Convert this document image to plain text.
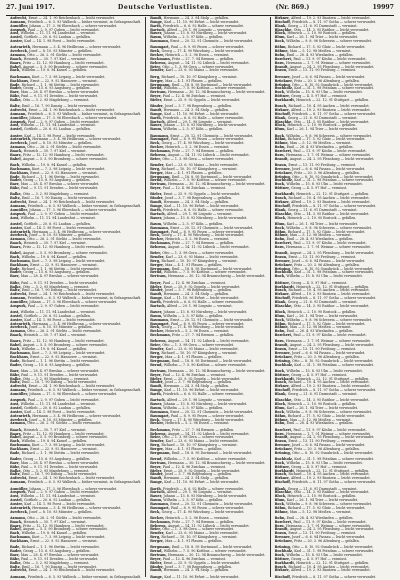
27. Juni 1917.	Deutsche Verlustlisten.	(Nr. 869.)	19997

Aufrecht, Ernst — 24. 1. 90 Reichenbach — leicht verwundet.

Aumann, Friedrich — 6. 5. 93 Walbeck — bisher vermisst, in Gefangenschaft.

Aumüller, Johann — 17. 3. 96 Ebersbach — schwer verwundet.

Auspurk, Paul — 2. 9. 97 Guben — leicht verwundet.

Aust, Wilhelm — 11. 11. 94 Landeshut — vermisst.

Austel, Gottlieb — 20. 6. 92 Lauban — gefallen.

Auster, Karl — 14. 1. 98 Forst — leicht verwundet.

Autenrieth, Hermann — 3. 4. 96 Heilbronn — schwer verwundet.

Averbeck, Josef — 8. 10. 93 Münster — gefallen.

Axmann, Otto — 26. 2. 91 Görlitz — leicht verwundet.

Baack, Heinrich — 30. 7. 97 Kiel — vermisst.

Baars, Fritz — 12. 12. 95 Hamburg — leicht verwundet.

Babel, August — 5. 5. 90 Bromberg — schwer verwundet.

Bach, Wilhelm — 19. 8. 94 Kassel — gefallen.

Bachmann, Kurt — 7. 3. 98 Leipzig — leicht verwundet.

Backhaus, Ernst — 22. 9. 92 Hannover — vermisst.

Bade, Richard — 1. 1. 96 Stettin — leicht verwundet.

Bader, Georg — 15. 6. 93 Augsburg — gefallen.

Baer, Max — 28. 4. 97 Breslau — schwer verwundet.

Bähr, Paul — 9. 11. 91 Dresden — leicht verwundet.

Balke, Otto — 3. 2. 95 Magdeburg — vermisst.

Baltz, Emil — 16. 7. 90 Danzig — leicht verwundet.

Aufrecht, Ernst — 24. 1. 90 Reichenbach — leicht verwundet.

Aumann, Friedrich — 6. 5. 93 Walbeck — bisher vermisst, in Gefangenschaft.

Aumüller, Johann — 17. 3. 96 Ebersbach — schwer verwundet.

Auspurk, Paul — 2. 9. 97 Guben — leicht verwundet.

Aust, Wilhelm — 11. 11. 94 Landeshut — vermisst.

Austel, Gottlieb — 20. 6. 92 Lauban — gefallen.

Auster, Karl — 14. 1. 98 Forst — leicht verwundet.

Autenrieth, Hermann — 3. 4. 96 Heilbronn — schwer verwundet.

Averbeck, Josef — 8. 10. 93 Münster — gefallen.

Axmann, Otto — 26. 2. 91 Görlitz — leicht verwundet.

Baack, Heinrich — 30. 7. 97 Kiel — vermisst.

Baars, Fritz — 12. 12. 95 Hamburg — leicht verwundet.

Babel, August — 5. 5. 90 Bromberg — schwer verwundet.

Bach, Wilhelm — 19. 8. 94 Kassel — gefallen.

Bachmann, Kurt — 7. 3. 98 Leipzig — leicht verwundet.

Backhaus, Ernst — 22. 9. 92 Hannover — vermisst.

Bade, Richard — 1. 1. 96 Stettin — leicht verwundet.

Bader, Georg — 15. 6. 93 Augsburg — gefallen.

Baer, Max — 28. 4. 97 Breslau — schwer verwundet.

Bähr, Paul — 9. 11. 91 Dresden — leicht verwundet.

Balke, Otto — 3. 2. 95 Magdeburg — vermisst.

Baltz, Emil — 16. 7. 90 Danzig — leicht verwundet.

Aufrecht, Ernst — 24. 1. 90 Reichenbach — leicht verwundet.

Aumann, Friedrich — 6. 5. 93 Walbeck — bisher vermisst, in Gefangenschaft.

Aumüller, Johann — 17. 3. 96 Ebersbach — schwer verwundet.

Auspurk, Paul — 2. 9. 97 Guben — leicht verwundet.

Aust, Wilhelm — 11. 11. 94 Landeshut — vermisst.

Austel, Gottlieb — 20. 6. 92 Lauban — gefallen.

Auster, Karl — 14. 1. 98 Forst — leicht verwundet.

Autenrieth, Hermann — 3. 4. 96 Heilbronn — schwer verwundet.

Averbeck, Josef — 8. 10. 93 Münster — gefallen.

Axmann, Otto — 26. 2. 91 Görlitz — leicht verwundet.

Baack, Heinrich — 30. 7. 97 Kiel — vermisst.

Baars, Fritz — 12. 12. 95 Hamburg — leicht verwundet.

Babel, August — 5. 5. 90 Bromberg — schwer verwundet.

Bach, Wilhelm — 19. 8. 94 Kassel — gefallen.

Bachmann, Kurt — 7. 3. 98 Leipzig — leicht verwundet.

Backhaus, Ernst — 22. 9. 92 Hannover — vermisst.

Bade, Richard — 1. 1. 96 Stettin — leicht verwundet.

Bader, Georg — 15. 6. 93 Augsburg — gefallen.

Baer, Max — 28. 4. 97 Breslau — schwer verwundet.

Bähr, Paul — 9. 11. 91 Dresden — leicht verwundet.

Balke, Otto — 3. 2. 95 Magdeburg — vermisst.

Baltz, Emil — 16. 7. 90 Danzig — leicht verwundet.

Aufrecht, Ernst — 24. 1. 90 Reichenbach — leicht verwundet.

Aumann, Friedrich — 6. 5. 93 Walbeck — bisher vermisst, in Gefangenschaft.

Aumüller, Johann — 17. 3. 96 Ebersbach — schwer verwundet.

Auspurk, Paul — 2. 9. 97 Guben — leicht verwundet.

Aust, Wilhelm — 11. 11. 94 Landeshut — vermisst.

Austel, Gottlieb — 20. 6. 92 Lauban — gefallen.

Auster, Karl — 14. 1. 98 Forst — leicht verwundet.

Autenrieth, Hermann — 3. 4. 96 Heilbronn — schwer verwundet.

Averbeck, Josef — 8. 10. 93 Münster — gefallen.

Axmann, Otto — 26. 2. 91 Görlitz — leicht verwundet.

Baack, Heinrich — 30. 7. 97 Kiel — vermisst.

Baars, Fritz — 12. 12. 95 Hamburg — leicht verwundet.

Babel, August — 5. 5. 90 Bromberg — schwer verwundet.

Bach, Wilhelm — 19. 8. 94 Kassel — gefallen.

Bachmann, Kurt — 7. 3. 98 Leipzig — leicht verwundet.

Backhaus, Ernst — 22. 9. 92 Hannover — vermisst.

Bade, Richard — 1. 1. 96 Stettin — leicht verwundet.

Bader, Georg — 15. 6. 93 Augsburg — gefallen.

Baer, Max — 28. 4. 97 Breslau — schwer verwundet.

Bähr, Paul — 9. 11. 91 Dresden — leicht verwundet.

Balke, Otto — 3. 2. 95 Magdeburg — vermisst.

Baltz, Emil — 16. 7. 90 Danzig — leicht verwundet.

Aufrecht, Ernst — 24. 1. 90 Reichenbach — leicht verwundet.

Aumann, Friedrich — 6. 5. 93 Walbeck — bisher vermisst, in Gefangenschaft.

Aumüller, Johann — 17. 3. 96 Ebersbach — schwer verwundet.

Auspurk, Paul — 2. 9. 97 Guben — leicht verwundet.

Aust, Wilhelm — 11. 11. 94 Landeshut — vermisst.

Austel, Gottlieb — 20. 6. 92 Lauban — gefallen.

Auster, Karl — 14. 1. 98 Forst — leicht verwundet.

Autenrieth, Hermann — 3. 4. 96 Heilbronn — schwer verwundet.

Averbeck, Josef — 8. 10. 93 Münster — gefallen.

Axmann, Otto — 26. 2. 91 Görlitz — leicht verwundet.

Baack, Heinrich — 30. 7. 97 Kiel — vermisst.

Baars, Fritz — 12. 12. 95 Hamburg — leicht verwundet.

Babel, August — 5. 5. 90 Bromberg — schwer verwundet.

Bach, Wilhelm — 19. 8. 94 Kassel — gefallen.

Bachmann, Kurt — 7. 3. 98 Leipzig — leicht verwundet.

Backhaus, Ernst — 22. 9. 92 Hannover — vermisst.

Bade, Richard — 1. 1. 96 Stettin — leicht verwundet.

Bader, Georg — 15. 6. 93 Augsburg — gefallen.

Baer, Max — 28. 4. 97 Breslau — schwer verwundet.

Bähr, Paul — 9. 11. 91 Dresden — leicht verwundet.

Balke, Otto — 3. 2. 95 Magdeburg — vermisst.

Baltz, Emil — 16. 7. 90 Danzig — leicht verwundet.

Aufrecht, Ernst — 24. 1. 90 Reichenbach — leicht verwundet.

Aumann, Friedrich — 6. 5. 93 Walbeck — bisher vermisst, in Gefangenschaft.

Aumüller, Johann — 17. 3. 96 Ebersbach — schwer verwundet.

Auspurk, Paul — 2. 9. 97 Guben — leicht verwundet.

Aust, Wilhelm — 11. 11. 94 Landeshut — vermisst.

Austel, Gottlieb — 20. 6. 92 Lauban — gefallen.

Auster, Karl — 14. 1. 98 Forst — leicht verwundet.

Autenrieth, Hermann — 3. 4. 96 Heilbronn — schwer verwundet.

Averbeck, Josef — 8. 10. 93 Münster — gefallen.

Axmann, Otto — 26. 2. 91 Görlitz — leicht verwundet.

Baack, Heinrich — 30. 7. 97 Kiel — vermisst.

Baars, Fritz — 12. 12. 95 Hamburg — leicht verwundet.

Babel, August — 5. 5. 90 Bromberg — schwer verwundet.

Bach, Wilhelm — 19. 8. 94 Kassel — gefallen.

Bachmann, Kurt — 7. 3. 98 Leipzig — leicht verwundet.

Backhaus, Ernst — 22. 9. 92 Hannover — vermisst.

Bade, Richard — 1. 1. 96 Stettin — leicht verwundet.

Bader, Georg — 15. 6. 93 Augsburg — gefallen.

Baer, Max — 28. 4. 97 Breslau — schwer verwundet.

Bähr, Paul — 9. 11. 91 Dresden — leicht verwundet.

Balke, Otto — 3. 2. 95 Magdeburg — vermisst.

Baltz, Emil — 16. 7. 90 Danzig — leicht verwundet.

Aufrecht, Ernst — 24. 1. 90 Reichenbach — leicht verwundet.

Aumann, Friedrich — 6. 5. 93 Walbeck — bisher vermisst, in Gefangenschaft.

Bandt, Hermann — 24. 3. 94 Stolp — gefallen.

Bange, Karl — 11. 10. 96 Erfurt — leicht verwundet.

Barth, Friedrich — 6. 6. 92 Halle — schwer verwundet.

Bartsch, Alfred — 29. 1. 98 Liegnitz — vermisst.

Bauer, Johann — 13. 8. 93 Nürnberg — leicht verwundet.

Baum, Wilhelm — 2. 5. 97 Köln — gefallen.

Baumann, Ernst — 20. 12. 91 Chemnitz — leicht verwundet.

Baumgart, Paul — 8. 9. 95 Posen — schwer verwundet.

Beck, Georg — 17. 4. 90 Würzburg — leicht verwundet.

Becker, Heinrich — 5. 2. 96 Essen — vermisst.

Beckmann, Fritz — 27. 7. 94 Bremen — gefallen.

Behrens, August — 14. 11. 92 Lübeck — leicht verwundet.

Beier, Otto — 1. 3. 98 Gera — schwer verwundet.

Bender, Karl — 23. 6. 93 Mainz — leicht verwundet.

Berg, Richard — 10. 10. 97 Königsberg — vermisst.

Berger, Max — 4. 1. 91 Plauen — gefallen.

Bergmann, Emil — 18. 8. 95 Dortmund — leicht verwundet.

Bernd, Wilhelm — 7. 5. 90 Kottbus — schwer verwundet.

Bertram, Hermann — 30. 12. 94 Braunschweig — leicht verwundet.

Beyer, Paul — 12. 4. 96 Zwickau — vermisst.

Bieler, Ernst — 25. 9. 92 Oppeln — leicht verwundet.

Binder, Josef — 3. 7. 98 Regensburg — gefallen.

Bandt, Hermann — 24. 3. 94 Stolp — gefallen.

Bange, Karl — 11. 10. 96 Erfurt — leicht verwundet.

Barth, Friedrich — 6. 6. 92 Halle — schwer verwundet.

Bartsch, Alfred — 29. 1. 98 Liegnitz — vermisst.

Bauer, Johann — 13. 8. 93 Nürnberg — leicht verwundet.

Baum, Wilhelm — 2. 5. 97 Köln — gefallen.

Baumann, Ernst — 20. 12. 91 Chemnitz — leicht verwundet.

Baumgart, Paul — 8. 9. 95 Posen — schwer verwundet.

Beck, Georg — 17. 4. 90 Würzburg — leicht verwundet.

Becker, Heinrich — 5. 2. 96 Essen — vermisst.

Beckmann, Fritz — 27. 7. 94 Bremen — gefallen.

Behrens, August — 14. 11. 92 Lübeck — leicht verwundet.

Beier, Otto — 1. 3. 98 Gera — schwer verwundet.

Bender, Karl — 23. 6. 93 Mainz — leicht verwundet.

Berg, Richard — 10. 10. 97 Königsberg — vermisst.

Berger, Max — 4. 1. 91 Plauen — gefallen.

Bergmann, Emil — 18. 8. 95 Dortmund — leicht verwundet.

Bernd, Wilhelm — 7. 5. 90 Kottbus — schwer verwundet.

Bertram, Hermann — 30. 12. 94 Braunschweig — leicht verwundet.

Beyer, Paul — 12. 4. 96 Zwickau — vermisst.

Bieler, Ernst — 25. 9. 92 Oppeln — leicht verwundet.

Binder, Josef — 3. 7. 98 Regensburg — gefallen.

Bandt, Hermann — 24. 3. 94 Stolp — gefallen.

Bange, Karl — 11. 10. 96 Erfurt — leicht verwundet.

Barth, Friedrich — 6. 6. 92 Halle — schwer verwundet.

Bartsch, Alfred — 29. 1. 98 Liegnitz — vermisst.

Bauer, Johann — 13. 8. 93 Nürnberg — leicht verwundet.

Baum, Wilhelm — 2. 5. 97 Köln — gefallen.

Baumann, Ernst — 20. 12. 91 Chemnitz — leicht verwundet.

Baumgart, Paul — 8. 9. 95 Posen — schwer verwundet.

Beck, Georg — 17. 4. 90 Würzburg — leicht verwundet.

Becker, Heinrich — 5. 2. 96 Essen — vermisst.

Beckmann, Fritz — 27. 7. 94 Bremen — gefallen.

Behrens, August — 14. 11. 92 Lübeck — leicht verwundet.

Beier, Otto — 1. 3. 98 Gera — schwer verwundet.

Bender, Karl — 23. 6. 93 Mainz — leicht verwundet.

Berg, Richard — 10. 10. 97 Königsberg — vermisst.

Berger, Max — 4. 1. 91 Plauen — gefallen.

Bergmann, Emil — 18. 8. 95 Dortmund — leicht verwundet.

Bernd, Wilhelm — 7. 5. 90 Kottbus — schwer verwundet.

Bertram, Hermann — 30. 12. 94 Braunschweig — leicht verwundet.

Beyer, Paul — 12. 4. 96 Zwickau — vermisst.

Bieler, Ernst — 25. 9. 92 Oppeln — leicht verwundet.

Binder, Josef — 3. 7. 98 Regensburg — gefallen.

Bandt, Hermann — 24. 3. 94 Stolp — gefallen.

Bange, Karl — 11. 10. 96 Erfurt — leicht verwundet.

Barth, Friedrich — 6. 6. 92 Halle — schwer verwundet.

Bartsch, Alfred — 29. 1. 98 Liegnitz — vermisst.

Bauer, Johann — 13. 8. 93 Nürnberg — leicht verwundet.

Baum, Wilhelm — 2. 5. 97 Köln — gefallen.

Baumann, Ernst — 20. 12. 91 Chemnitz — leicht verwundet.

Baumgart, Paul — 8. 9. 95 Posen — schwer verwundet.

Beck, Georg — 17. 4. 90 Würzburg — leicht verwundet.

Becker, Heinrich — 5. 2. 96 Essen — vermisst.

Beckmann, Fritz — 27. 7. 94 Bremen — gefallen.

Behrens, August — 14. 11. 92 Lübeck — leicht verwundet.

Beier, Otto — 1. 3. 98 Gera — schwer verwundet.

Bender, Karl — 23. 6. 93 Mainz — leicht verwundet.

Berg, Richard — 10. 10. 97 Königsberg — vermisst.

Berger, Max — 4. 1. 91 Plauen — gefallen.

Bergmann, Emil — 18. 8. 95 Dortmund — leicht verwundet.

Bernd, Wilhelm — 7. 5. 90 Kottbus — schwer verwundet.

Bertram, Hermann — 30. 12. 94 Braunschweig — leicht verwundet.

Beyer, Paul — 12. 4. 96 Zwickau — vermisst.

Bieler, Ernst — 25. 9. 92 Oppeln — leicht verwundet.

Binder, Josef — 3. 7. 98 Regensburg — gefallen.

Bandt, Hermann — 24. 3. 94 Stolp — gefallen.

Bange, Karl — 11. 10. 96 Erfurt — leicht verwundet.

Barth, Friedrich — 6. 6. 92 Halle — schwer verwundet.

Bartsch, Alfred — 29. 1. 98 Liegnitz — vermisst.

Bauer, Johann — 13. 8. 93 Nürnberg — leicht verwundet.

Baum, Wilhelm — 2. 5. 97 Köln — gefallen.

Baumann, Ernst — 20. 12. 91 Chemnitz — leicht verwundet.

Baumgart, Paul — 8. 9. 95 Posen — schwer verwundet.

Beck, Georg — 17. 4. 90 Würzburg — leicht verwundet.

Becker, Heinrich — 5. 2. 96 Essen — vermisst.

Beckmann, Fritz — 27. 7. 94 Bremen — gefallen.

Behrens, August — 14. 11. 92 Lübeck — leicht verwundet.

Beier, Otto — 1. 3. 98 Gera — schwer verwundet.

Bender, Karl — 23. 6. 93 Mainz — leicht verwundet.

Berg, Richard — 10. 10. 97 Königsberg — vermisst.

Berger, Max — 4. 1. 91 Plauen — gefallen.

Bergmann, Emil — 18. 8. 95 Dortmund — leicht verwundet.

Bernd, Wilhelm — 7. 5. 90 Kottbus — schwer verwundet.

Bertram, Hermann — 30. 12. 94 Braunschweig — leicht verwundet.

Beyer, Paul — 12. 4. 96 Zwickau — vermisst.

Bieler, Ernst — 25. 9. 92 Oppeln — leicht verwundet.

Binder, Josef — 3. 7. 98 Regensburg — gefallen.

Bandt, Hermann — 24. 3. 94 Stolp — gefallen.

Bange, Karl — 11. 10. 96 Erfurt — leicht verwundet.

Barth, Friedrich — 6. 6. 92 Halle — schwer verwundet.

Bartsch, Alfred — 29. 1. 98 Liegnitz — vermisst.

Bauer, Johann — 13. 8. 93 Nürnberg — leicht verwundet.

Baum, Wilhelm — 2. 5. 97 Köln — gefallen.

Baumann, Ernst — 20. 12. 91 Chemnitz — leicht verwundet.

Baumgart, Paul — 8. 9. 95 Posen — schwer verwundet.

Beck, Georg — 17. 4. 90 Würzburg — leicht verwundet.

Becker, Heinrich — 5. 2. 96 Essen — vermisst.

Beckmann, Fritz — 27. 7. 94 Bremen — gefallen.

Behrens, August — 14. 11. 92 Lübeck — leicht verwundet.

Beier, Otto — 1. 3. 98 Gera — schwer verwundet.

Bender, Karl — 23. 6. 93 Mainz — leicht verwundet.

Berg, Richard — 10. 10. 97 Königsberg — vermisst.

Berger, Max — 4. 1. 91 Plauen — gefallen.

Bergmann, Emil — 18. 8. 95 Dortmund — leicht verwundet.

Bernd, Wilhelm — 7. 5. 90 Kottbus — schwer verwundet.

Bertram, Hermann — 30. 12. 94 Braunschweig — leicht verwundet.

Beyer, Paul — 12. 4. 96 Zwickau — vermisst.

Bieler, Ernst — 25. 9. 92 Oppeln — leicht verwundet.

Binder, Josef — 3. 7. 98 Regensburg — gefallen.

Bandt, Hermann — 24. 3. 94 Stolp — gefallen.

Bange, Karl — 11. 10. 96 Erfurt — leicht verwundet.

Birkner, Alfred — 19. 2. 93 Bautzen — leicht verwundet.

Bischoff, Friedrich — 8. 11. 97 Gotha — schwer verwundet.

Blank, Georg — 21. 6. 91 Darmstadt — vermisst.

Blaschke, Otto — 14. 3. 95 Ratibor — leicht verwundet.

Block, Heinrich — 2. 10. 90 Rostock — gefallen.

Blum, Karl — 26. 1. 94 Trier — leicht verwundet.

Bock, Wilhelm — 9. 8. 96 Schwerin — schwer verwundet.

Böhm, Richard — 17. 5. 92 Glatz — leicht verwundet.

Böhme, Max — 5. 12. 98 Meißen — vermisst.

Bohn, Emil — 28. 4. 93 Wiesbaden — gefallen.

Borchert, Paul — 11. 9. 97 Köslin — leicht verwundet.

Born, Hermann — 1. 7. 91 Weimar — schwer verwundet.

Brandt, August — 24. 2. 95 Flensburg — leicht verwundet.

Braun, Ernst — 13. 11. 90 Freiburg — vermisst.

Brenner, Josef — 6. 6. 94 Passau — leicht verwundet.

Brückner, Fritz — 20. 3. 96 Altenburg — gefallen.

Brüning, Otto — 8. 10. 92 Osnabrück — leicht verwundet.

Buchholz, Karl — 31. 1. 98 Potsdam — schwer verwundet.

Buck, Wilhelm — 15. 8. 93 Ulm — leicht verwundet.

Büttner, Georg — 4. 5. 97 Hof — vermisst.

Burkhardt, Heinrich — 22. 12. 91 Stuttgart — gefallen.

Busch, Richard — 10. 4. 95 Aachen — leicht verwundet.

Birkner, Alfred — 19. 2. 93 Bautzen — leicht verwundet.

Bischoff, Friedrich — 8. 11. 97 Gotha — schwer verwundet.

Blank, Georg — 21. 6. 91 Darmstadt — vermisst.

Blaschke, Otto — 14. 3. 95 Ratibor — leicht verwundet.

Block, Heinrich — 2. 10. 90 Rostock — gefallen.

Blum, Karl — 26. 1. 94 Trier — leicht verwundet.

Bock, Wilhelm — 9. 8. 96 Schwerin — schwer verwundet.

Böhm, Richard — 17. 5. 92 Glatz — leicht verwundet.

Böhme, Max — 5. 12. 98 Meißen — vermisst.

Bohn, Emil — 28. 4. 93 Wiesbaden — gefallen.

Borchert, Paul — 11. 9. 97 Köslin — leicht verwundet.

Born, Hermann — 1. 7. 91 Weimar — schwer verwundet.

Brandt, August — 24. 2. 95 Flensburg — leicht verwundet.

Braun, Ernst — 13. 11. 90 Freiburg — vermisst.

Brenner, Josef — 6. 6. 94 Passau — leicht verwundet.

Brückner, Fritz — 20. 3. 96 Altenburg — gefallen.

Brüning, Otto — 8. 10. 92 Osnabrück — leicht verwundet.

Buchholz, Karl — 31. 1. 98 Potsdam — schwer verwundet.

Buck, Wilhelm — 15. 8. 93 Ulm — leicht verwundet.

Büttner, Georg — 4. 5. 97 Hof — vermisst.

Burkhardt, Heinrich — 22. 12. 91 Stuttgart — gefallen.

Busch, Richard — 10. 4. 95 Aachen — leicht verwundet.

Birkner, Alfred — 19. 2. 93 Bautzen — leicht verwundet.

Bischoff, Friedrich — 8. 11. 97 Gotha — schwer verwundet.

Blank, Georg — 21. 6. 91 Darmstadt — vermisst.

Blaschke, Otto — 14. 3. 95 Ratibor — leicht verwundet.

Block, Heinrich — 2. 10. 90 Rostock — gefallen.

Blum, Karl — 26. 1. 94 Trier — leicht verwundet.

Bock, Wilhelm — 9. 8. 96 Schwerin — schwer verwundet.

Böhm, Richard — 17. 5. 92 Glatz — leicht verwundet.

Böhme, Max — 5. 12. 98 Meißen — vermisst.

Bohn, Emil — 28. 4. 93 Wiesbaden — gefallen.

Borchert, Paul — 11. 9. 97 Köslin — leicht verwundet.

Born, Hermann — 1. 7. 91 Weimar — schwer verwundet.

Brandt, August — 24. 2. 95 Flensburg — leicht verwundet.

Braun, Ernst — 13. 11. 90 Freiburg — vermisst.

Brenner, Josef — 6. 6. 94 Passau — leicht verwundet.

Brückner, Fritz — 20. 3. 96 Altenburg — gefallen.

Brüning, Otto — 8. 10. 92 Osnabrück — leicht verwundet.

Buchholz, Karl — 31. 1. 98 Potsdam — schwer verwundet.

Buck, Wilhelm — 15. 8. 93 Ulm — leicht verwundet.

Büttner, Georg — 4. 5. 97 Hof — vermisst.

Burkhardt, Heinrich — 22. 12. 91 Stuttgart — gefallen.

Busch, Richard — 10. 4. 95 Aachen — leicht verwundet.

Birkner, Alfred — 19. 2. 93 Bautzen — leicht verwundet.

Bischoff, Friedrich — 8. 11. 97 Gotha — schwer verwundet.

Blank, Georg — 21. 6. 91 Darmstadt — vermisst.

Blaschke, Otto — 14. 3. 95 Ratibor — leicht verwundet.

Block, Heinrich — 2. 10. 90 Rostock — gefallen.

Blum, Karl — 26. 1. 94 Trier — leicht verwundet.

Bock, Wilhelm — 9. 8. 96 Schwerin — schwer verwundet.

Böhm, Richard — 17. 5. 92 Glatz — leicht verwundet.

Böhme, Max — 5. 12. 98 Meißen — vermisst.

Bohn, Emil — 28. 4. 93 Wiesbaden — gefallen.

Borchert, Paul — 11. 9. 97 Köslin — leicht verwundet.

Born, Hermann — 1. 7. 91 Weimar — schwer verwundet.

Brandt, August — 24. 2. 95 Flensburg — leicht verwundet.

Braun, Ernst — 13. 11. 90 Freiburg — vermisst.

Brenner, Josef — 6. 6. 94 Passau — leicht verwundet.

Brückner, Fritz — 20. 3. 96 Altenburg — gefallen.

Brüning, Otto — 8. 10. 92 Osnabrück — leicht verwundet.

Buchholz, Karl — 31. 1. 98 Potsdam — schwer verwundet.

Buck, Wilhelm — 15. 8. 93 Ulm — leicht verwundet.

Büttner, Georg — 4. 5. 97 Hof — vermisst.

Burkhardt, Heinrich — 22. 12. 91 Stuttgart — gefallen.

Busch, Richard — 10. 4. 95 Aachen — leicht verwundet.

Birkner, Alfred — 19. 2. 93 Bautzen — leicht verwundet.

Bischoff, Friedrich — 8. 11. 97 Gotha — schwer verwundet.

Blank, Georg — 21. 6. 91 Darmstadt — vermisst.

Blaschke, Otto — 14. 3. 95 Ratibor — leicht verwundet.

Block, Heinrich — 2. 10. 90 Rostock — gefallen.

Blum, Karl — 26. 1. 94 Trier — leicht verwundet.

Bock, Wilhelm — 9. 8. 96 Schwerin — schwer verwundet.

Böhm, Richard — 17. 5. 92 Glatz — leicht verwundet.

Böhme, Max — 5. 12. 98 Meißen — vermisst.

Bohn, Emil — 28. 4. 93 Wiesbaden — gefallen.

Borchert, Paul — 11. 9. 97 Köslin — leicht verwundet.

Born, Hermann — 1. 7. 91 Weimar — schwer verwundet.

Brandt, August — 24. 2. 95 Flensburg — leicht verwundet.

Braun, Ernst — 13. 11. 90 Freiburg — vermisst.

Brenner, Josef — 6. 6. 94 Passau — leicht verwundet.

Brückner, Fritz — 20. 3. 96 Altenburg — gefallen.

Brüning, Otto — 8. 10. 92 Osnabrück — leicht verwundet.

Buchholz, Karl — 31. 1. 98 Potsdam — schwer verwundet.

Buck, Wilhelm — 15. 8. 93 Ulm — leicht verwundet.

Büttner, Georg — 4. 5. 97 Hof — vermisst.

Burkhardt, Heinrich — 22. 12. 91 Stuttgart — gefallen.

Busch, Richard — 10. 4. 95 Aachen — leicht verwundet.

Birkner, Alfred — 19. 2. 93 Bautzen — leicht verwundet.

Bischoff, Friedrich — 8. 11. 97 Gotha — schwer verwundet.

Blank, Georg — 21. 6. 91 Darmstadt — vermisst.

Blaschke, Otto — 14. 3. 95 Ratibor — leicht verwundet.

Block, Heinrich — 2. 10. 90 Rostock — gefallen.

Blum, Karl — 26. 1. 94 Trier — leicht verwundet.

Bock, Wilhelm — 9. 8. 96 Schwerin — schwer verwundet.

Böhm, Richard — 17. 5. 92 Glatz — leicht verwundet.

Böhme, Max — 5. 12. 98 Meißen — vermisst.

Bohn, Emil — 28. 4. 93 Wiesbaden — gefallen.

Borchert, Paul — 11. 9. 97 Köslin — leicht verwundet.

Born, Hermann — 1. 7. 91 Weimar — schwer verwundet.

Brandt, August — 24. 2. 95 Flensburg — leicht verwundet.

Braun, Ernst — 13. 11. 90 Freiburg — vermisst.

Brenner, Josef — 6. 6. 94 Passau — leicht verwundet.

Brückner, Fritz — 20. 3. 96 Altenburg — gefallen.

Brüning, Otto — 8. 10. 92 Osnabrück — leicht verwundet.

Buchholz, Karl — 31. 1. 98 Potsdam — schwer verwundet.

Buck, Wilhelm — 15. 8. 93 Ulm — leicht verwundet.

Büttner, Georg — 4. 5. 97 Hof — vermisst.

Burkhardt, Heinrich — 22. 12. 91 Stuttgart — gefallen.

Busch, Richard — 10. 4. 95 Aachen — leicht verwundet.

Birkner, Alfred — 19. 2. 93 Bautzen — leicht verwundet.

Bischoff, Friedrich — 8. 11. 97 Gotha — schwer verwundet.
